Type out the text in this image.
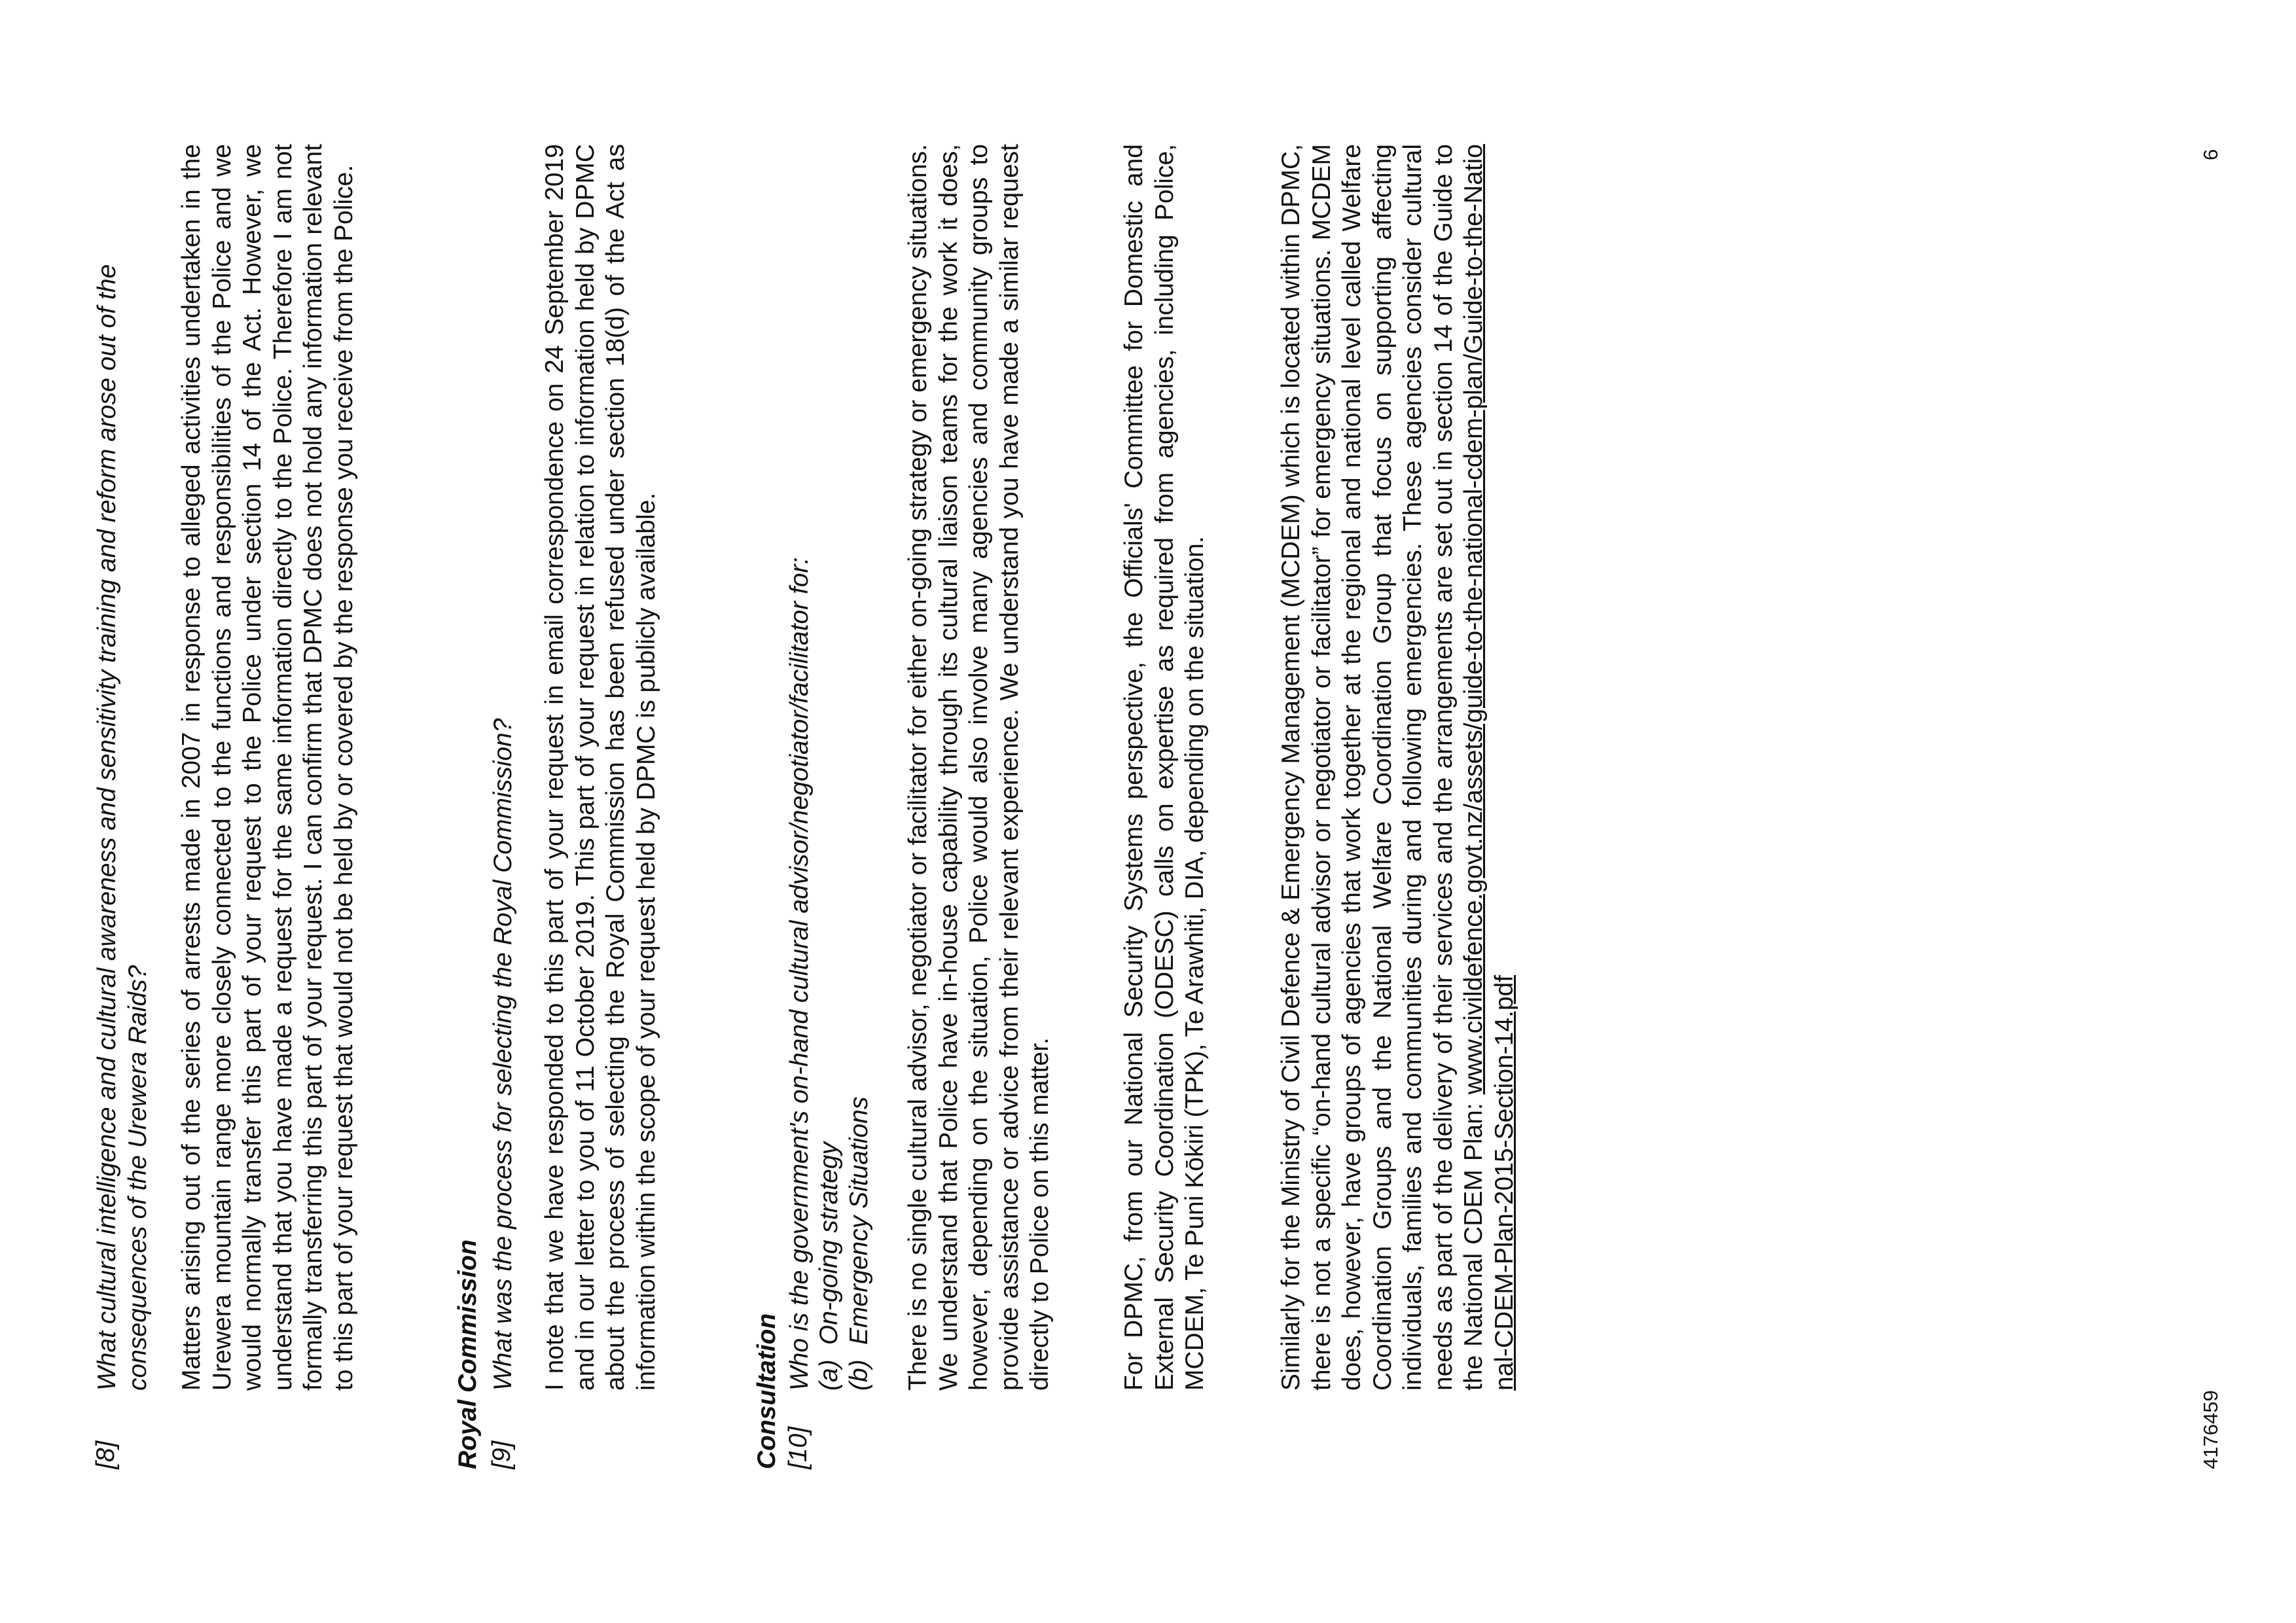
[8]
What cultural intelligence and cultural awareness and sensitivity training and reform arose out of the consequences of the Urewera Raids? Matters arising out of the series of arrests made in 2007 in response to alleged activities undertaken in the Urewera mountain range more closely connected to the functions and responsibilities of the Police and we would normally transfer this part of your request to the Police under section 14 of the Act. However, we understand that you have made a request for the same information directly to the Police. Therefore I am not formally transferring this part of your request. I can confirm that DPMC does not hold any information relevant to this part of your request that would not be held by or covered by the response you receive from the Police.	Royal Commission [9]
What was the process for selecting the Royal Commission? I note that we have responded to this part of your request in email correspondence on 24 September 2019 and in our letter to you of 11 October 2019. This part of your request in relation to information held by DPMC about the process of selecting the Royal Commission has been refused under section 18(d) of the Act as information within the scope of your request held by DPMC is publicly available.
Consultation [10]
Who is the government's on-hand cultural advisor/negotiator/facilitator for: (a)On-going strategy
(b)Emergency Situations There is no single cultural advisor, negotiator or facilitator for either on-going strategy or emergency situations. We understand that Police have in-house capability through its cultural liaison teams for the work it does, however, depending on the situation, Police would also involve many agencies and community groups to provide assistance or advice from their relevant experience. We understand you have made a similar request directly to Police on this matter.	For DPMC, from our National Security Systems perspective, the Officials' Committee for Domestic and External Security Coordination (ODESC) calls on expertise as required from agencies, including Police, MCDEM, Te Puni Kōkiri (TPK), Te Arawhiti, DIA, depending on the situation.	Similarly for the Ministry of Civil Defence & Emergency Management (MCDEM) which is located within DPMC, there is not a specific “on-hand cultural advisor or negotiator or facilitator” for emergency situations. MCDEM does, however, have groups of agencies that work together at the regional and national level called Welfare Coordination Groups and the National Welfare Coordination Group that focus on supporting affecting individuals, families and communities during and following emergencies. These agencies consider cultural needs as part of the delivery of their services and the arrangements are set out in section 14 of the Guide to the National CDEM Plan: www.civildefence.govt.nz/assets/guide-to-the-national-cdem-plan/Guide-to-the-National-CDEM-Plan-2015-Section-14.pdf
4176459
6
